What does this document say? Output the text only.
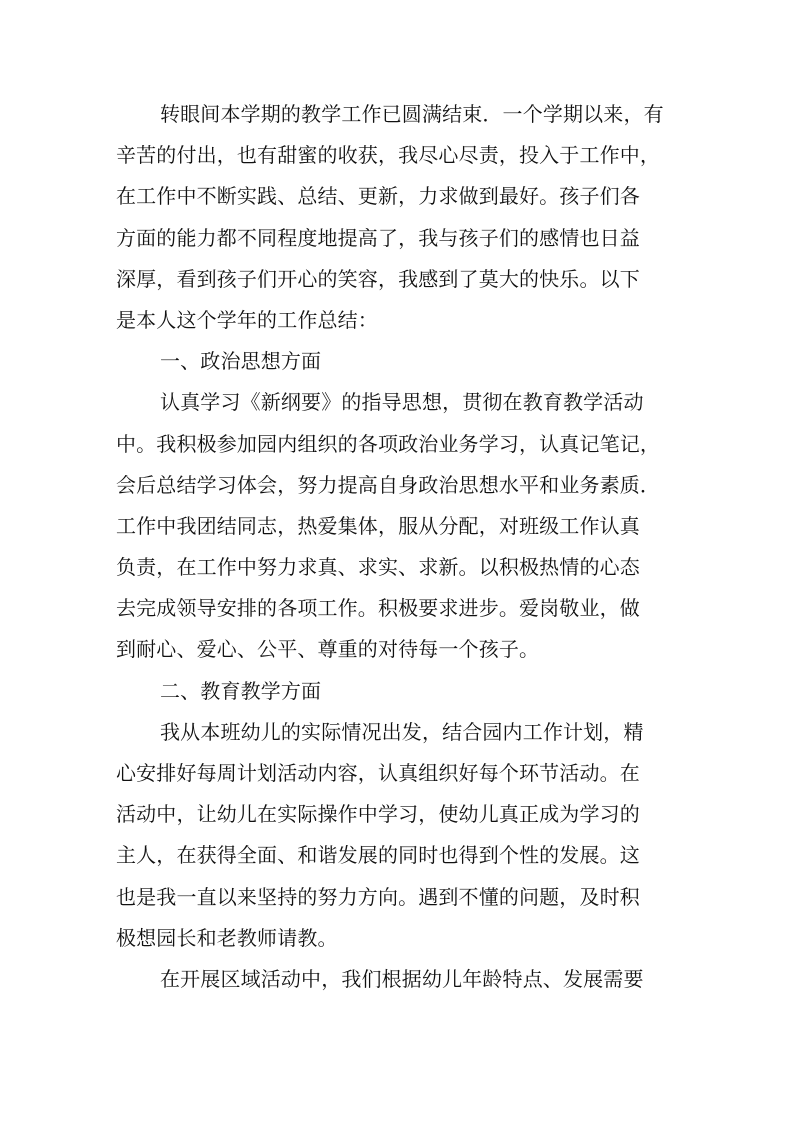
转眼间本学期的教学工作已圆满结束．一个学期以来，有
辛苦的付出，也有甜蜜的收获，我尽心尽责，投入于工作中，
在工作中不断实践、总结、更新，力求做到最好。孩子们各
方面的能力都不同程度地提高了，我与孩子们的感情也日益
深厚，看到孩子们开心的笑容，我感到了莫大的快乐。以下
是本人这个学年的工作总结：
一、政治思想方面
认真学习《新纲要》的指导思想，贯彻在教育教学活动
中。我积极参加园内组织的各项政治业务学习，认真记笔记，
会后总结学习体会，努力提高自身政治思想水平和业务素质．
工作中我团结同志，热爱集体，服从分配，对班级工作认真
负责，在工作中努力求真、求实、求新。以积极热情的心态
去完成领导安排的各项工作。积极要求进步。爱岗敬业，做
到耐心、爱心、公平、尊重的对待每一个孩子。
二、教育教学方面
我从本班幼儿的实际情况出发，结合园内工作计划，精
心安排好每周计划活动内容，认真组织好每个环节活动。在
活动中，让幼儿在实际操作中学习，使幼儿真正成为学习的
主人，在获得全面、和谐发展的同时也得到个性的发展。这
也是我一直以来坚持的努力方向。遇到不懂的问题，及时积
极想园长和老教师请教。
在开展区域活动中，我们根据幼儿年龄特点、发展需要
